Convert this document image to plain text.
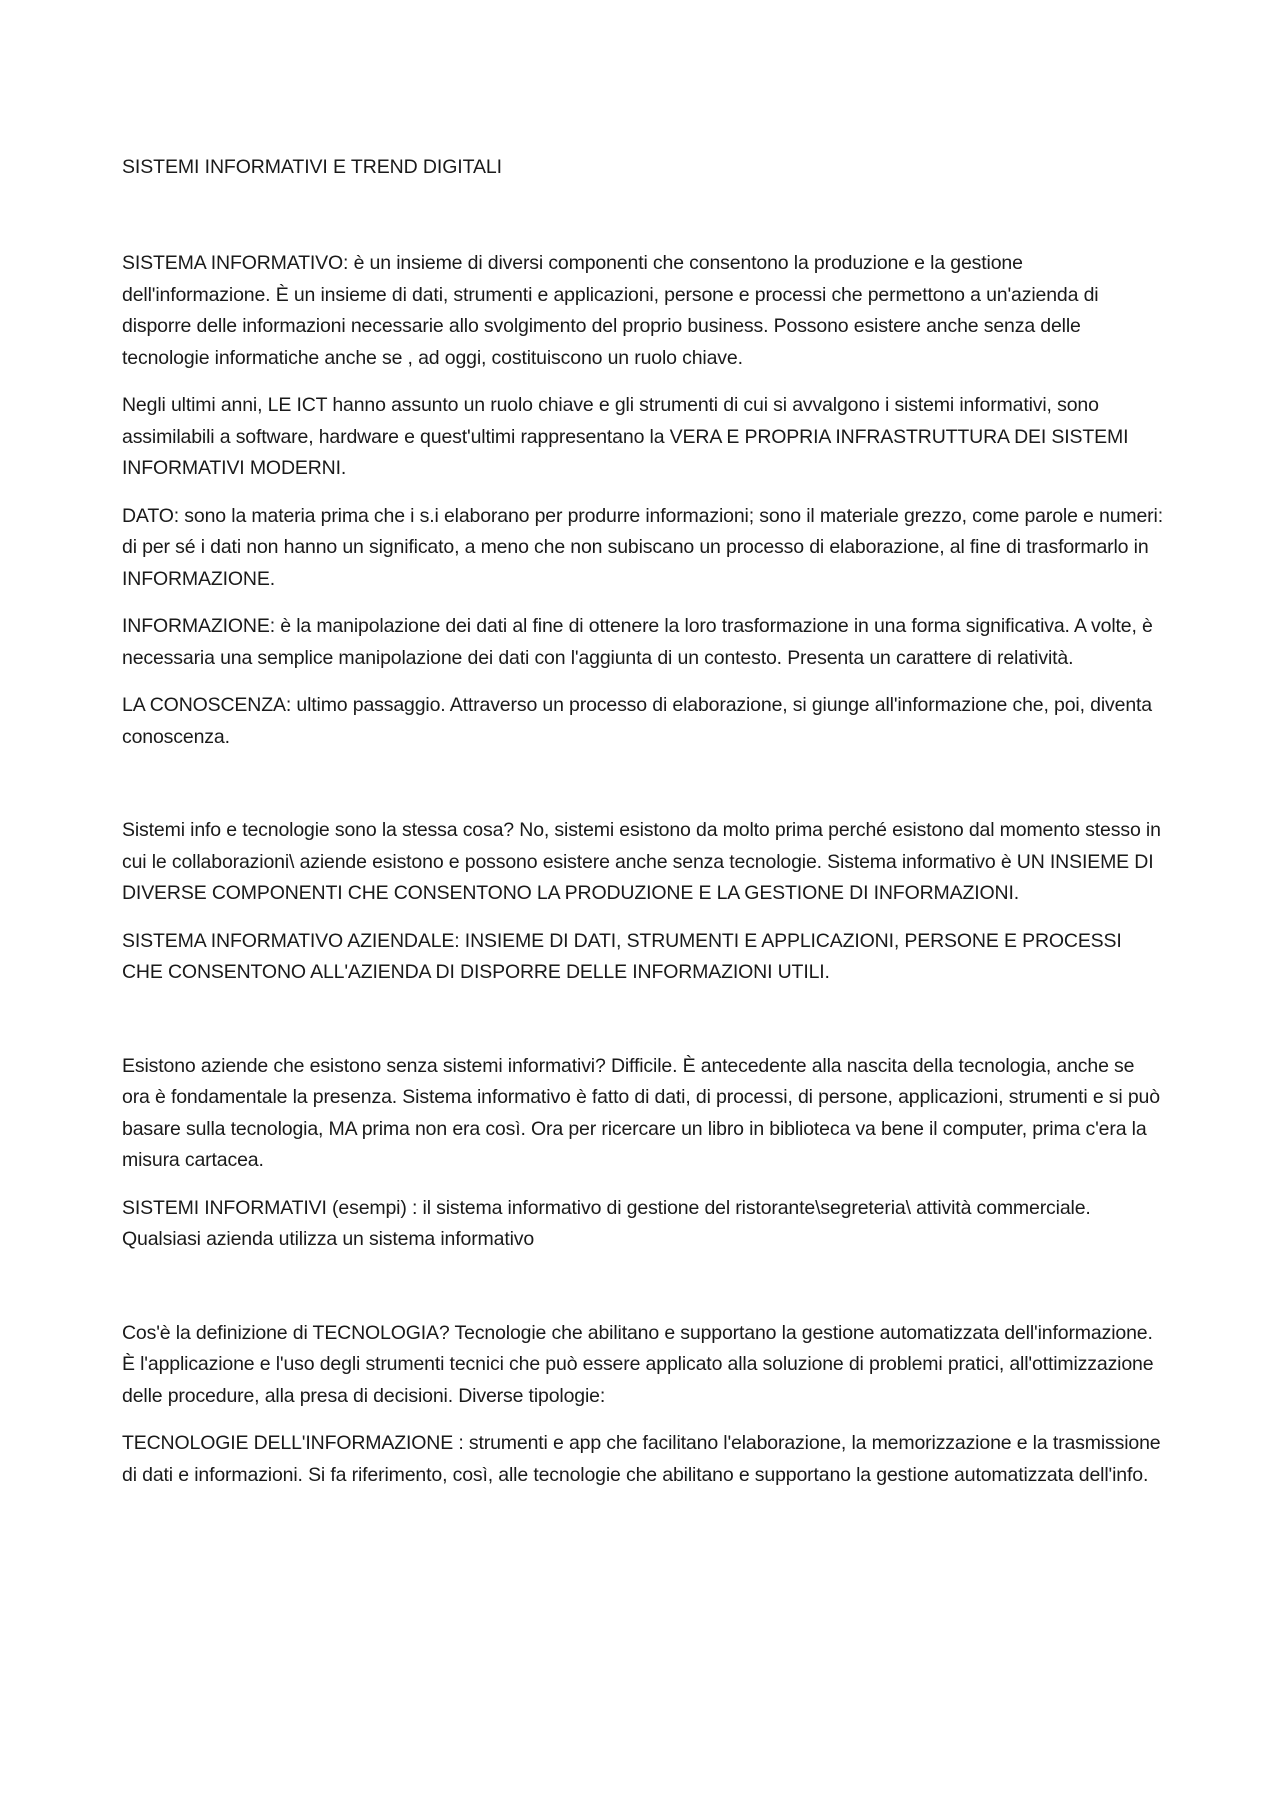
SISTEMI INFORMATIVI E TREND DIGITALI

SISTEMA INFORMATIVO: è un insieme di diversi componenti che consentono la produzione e la gestione dell'informazione. È un insieme di dati, strumenti e applicazioni, persone e processi che permettono a un'azienda di disporre delle informazioni necessarie allo svolgimento del proprio business. Possono esistere anche senza delle tecnologie informatiche anche se , ad oggi, costituiscono un ruolo chiave.

Negli ultimi anni, LE ICT hanno assunto un ruolo chiave e gli strumenti di cui si avvalgono i sistemi informativi, sono assimilabili a software, hardware e quest'ultimi rappresentano la VERA E PROPRIA INFRASTRUTTURA DEI SISTEMI INFORMATIVI MODERNI.

DATO: sono la materia prima che i s.i elaborano per produrre informazioni; sono il materiale grezzo, come parole e numeri: di per sé i dati non hanno un significato, a meno che non subiscano un processo di elaborazione, al fine di trasformarlo in INFORMAZIONE.

INFORMAZIONE: è la manipolazione dei dati al fine di ottenere la loro trasformazione in una forma significativa. A volte, è necessaria una semplice manipolazione dei dati con l'aggiunta di un contesto. Presenta un carattere di relatività.

LA CONOSCENZA: ultimo passaggio. Attraverso un processo di elaborazione, si giunge all'informazione che, poi, diventa conoscenza.

Sistemi info e tecnologie sono la stessa cosa? No, sistemi esistono da molto prima perché esistono dal momento stesso in cui le collaborazioni\ aziende esistono e possono esistere anche senza tecnologie. Sistema informativo è UN INSIEME DI DIVERSE COMPONENTI CHE CONSENTONO LA PRODUZIONE E LA GESTIONE DI INFORMAZIONI.

SISTEMA INFORMATIVO AZIENDALE: INSIEME DI DATI, STRUMENTI E APPLICAZIONI, PERSONE E PROCESSI CHE CONSENTONO ALL'AZIENDA DI DISPORRE DELLE INFORMAZIONI UTILI.

Esistono aziende che esistono senza sistemi informativi? Difficile. È antecedente alla nascita della tecnologia, anche se ora è fondamentale la presenza. Sistema informativo è fatto di dati, di processi, di persone, applicazioni, strumenti e si può basare sulla tecnologia, MA prima non era così. Ora per ricercare un libro in biblioteca va bene il computer, prima c'era la misura cartacea.

SISTEMI INFORMATIVI (esempi) : il sistema informativo di gestione del ristorante\segreteria\ attività commerciale. Qualsiasi azienda utilizza un sistema informativo

Cos'è la definizione di TECNOLOGIA? Tecnologie che abilitano e supportano la gestione automatizzata dell'informazione. È l'applicazione e l'uso degli strumenti tecnici che può essere applicato alla soluzione di problemi pratici, all'ottimizzazione delle procedure, alla presa di decisioni. Diverse tipologie:

TECNOLOGIE DELL'INFORMAZIONE : strumenti e app che facilitano l'elaborazione, la memorizzazione e la trasmissione di dati e informazioni. Si fa riferimento, così, alle tecnologie che abilitano e supportano la gestione automatizzata dell'info.
